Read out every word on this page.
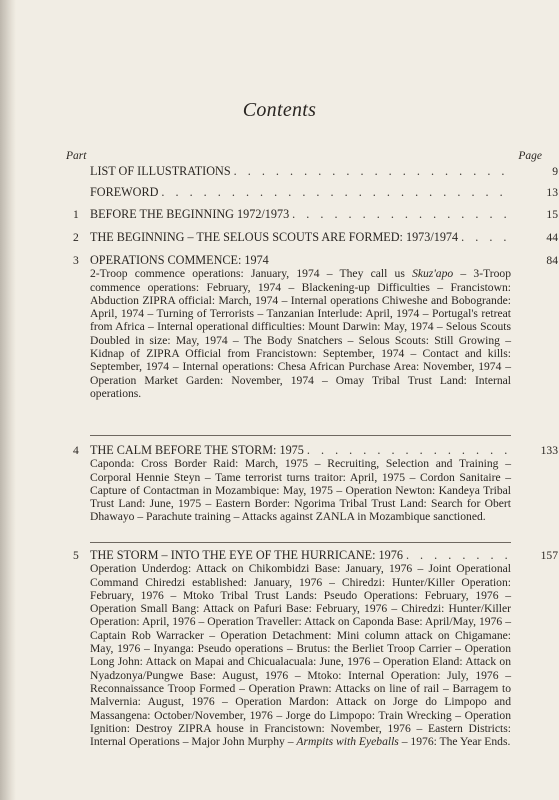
Contents
Part	Page
LIST OF ILLUSTRATIONS . . .	9
FOREWORD . . .	13
1 BEFORE THE BEGINNING 1972/1973 . . .	15
2 THE BEGINNING – THE SELOUS SCOUTS ARE FORMED: 1973/1974 . . .	44
3 OPERATIONS COMMENCE: 1974	84

2-Troop commence operations: January, 1974 – They call us Skuz'apo – 3-Troop commence operations: February, 1974 – Blackening-up Difficulties – Francistown: Abduction ZIPRA official: March, 1974 – Internal operations Chiweshe and Bobogrande: April, 1974 – Turning of Terrorists – Tanzanian Interlude: April, 1974 – Portugal's retreat from Africa – Internal operational difficulties: Mount Darwin: May, 1974 – Selous Scouts Doubled in size: May, 1974 – The Body Snatchers – Selous Scouts: Still Growing – Kidnap of ZIPRA Official from Francistown: September, 1974 – Contact and kills: September, 1974 – Internal operations: Chesa African Purchase Area: November, 1974 – Operation Market Garden: November, 1974 – Omay Tribal Trust Land: Internal operations.

4 THE CALM BEFORE THE STORM: 1975 . . .	133

Caponda: Cross Border Raid: March, 1975 – Recruiting, Selection and Training – Corporal Hennie Steyn – Tame terrorist turns traitor: April, 1975 – Cordon Sanitaire – Capture of Contactman in Mozambique: May, 1975 – Operation Newton: Kandeya Tribal Trust Land: June, 1975 – Eastern Border: Ngorima Tribal Trust Land: Search for Obert Dhawayo – Parachute training – Attacks against ZANLA in Mozambique sanctioned.

5 THE STORM – INTO THE EYE OF THE HURRICANE: 1976 . . .	157

Operation Underdog: Attack on Chikombidzi Base: January, 1976 – Joint Operational Command Chiredzi established: January, 1976 – Chiredzi: Hunter/Killer Operation: February, 1976 – Mtoko Tribal Trust Lands: Pseudo Operations: February, 1976 – Operation Small Bang: Attack on Pafuri Base: February, 1976 – Chiredzi: Hunter/Killer Operation: April, 1976 – Operation Traveller: Attack on Caponda Base: April/May, 1976 – Captain Rob Warracker – Operation Detachment: Mini column attack on Chigamane: May, 1976 – Inyanga: Pseudo operations – Brutus: the Berliet Troop Carrier – Operation Long John: Attack on Mapai and Chicualacuala: June, 1976 – Operation Eland: Attack on Nyadzonya/Pungwe Base: August, 1976 – Mtoko: Internal Operation: July, 1976 – Reconnaissance Troop Formed – Operation Prawn: Attacks on line of rail – Barragem to Malvernia: August, 1976 – Operation Mardon: Attack on Jorge do Limpopo and Massangena: October/November, 1976 – Jorge do Limpopo: Train Wrecking – Operation Ignition: Destroy ZIPRA house in Francistown: November, 1976 – Eastern Districts: Internal Operations – Major John Murphy – Armpits with Eyeballs – 1976: The Year Ends.
